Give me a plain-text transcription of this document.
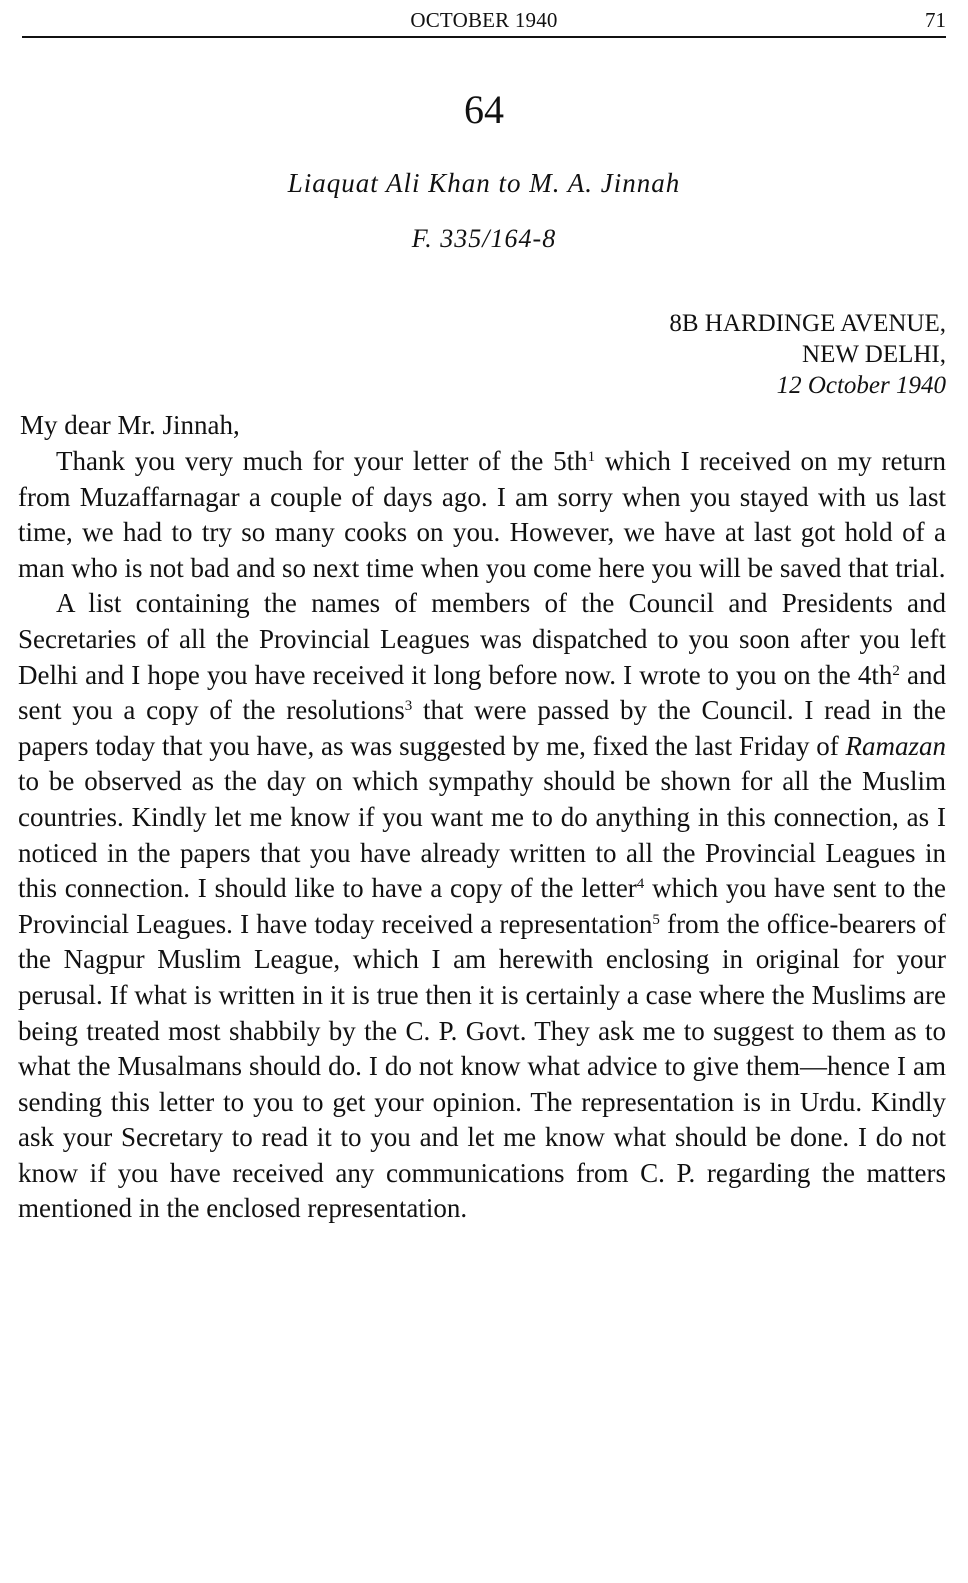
OCTOBER 1940	71
64
Liaquat Ali Khan to M. A. Jinnah
F. 335/164-8
8B HARDINGE AVENUE,
NEW DELHI,
12 October 1940
My dear Mr. Jinnah,

Thank you very much for your letter of the $5th^1$ which I received on my return from Muzaffarnagar a couple of days ago. I am sorry when you stayed with us last time, we had to try so many cooks on you. However, we have at last got hold of a man who is not bad and so next time when you come here you will be saved that trial.

A list containing the names of members of the Council and Presidents and Secretaries of all the Provincial Leagues was dispatched to you soon after you left Delhi and I hope you have received it long before now. I wrote to you on the $4th^2$ and sent you a copy of the resolutions$^3$ that were passed by the Council. I read in the papers today that you have, as was suggested by me, fixed the last Friday of Ramazan to be observed as the day on which sympathy should be shown for all the Muslim countries. Kindly let me know if you want me to do anything in this connection, as I noticed in the papers that you have already written to all the Provincial Leagues in this connection. I should like to have a copy of the letter$^4$ which you have sent to the Provincial Leagues. I have today received a representation$^5$ from the office-bearers of the Nagpur Muslim League, which I am herewith enclosing in original for your perusal. If what is written in it is true then it is certainly a case where the Muslims are being treated most shabbily by the C. P. Govt. They ask me to suggest to them as to what the Musalmans should do. I do not know what advice to give them—hence I am sending this letter to you to get your opinion. The representation is in Urdu. Kindly ask your Secretary to read it to you and let me know what should be done. I do not know if you have received any communications from C. P. regarding the matters mentioned in the enclosed representation.
